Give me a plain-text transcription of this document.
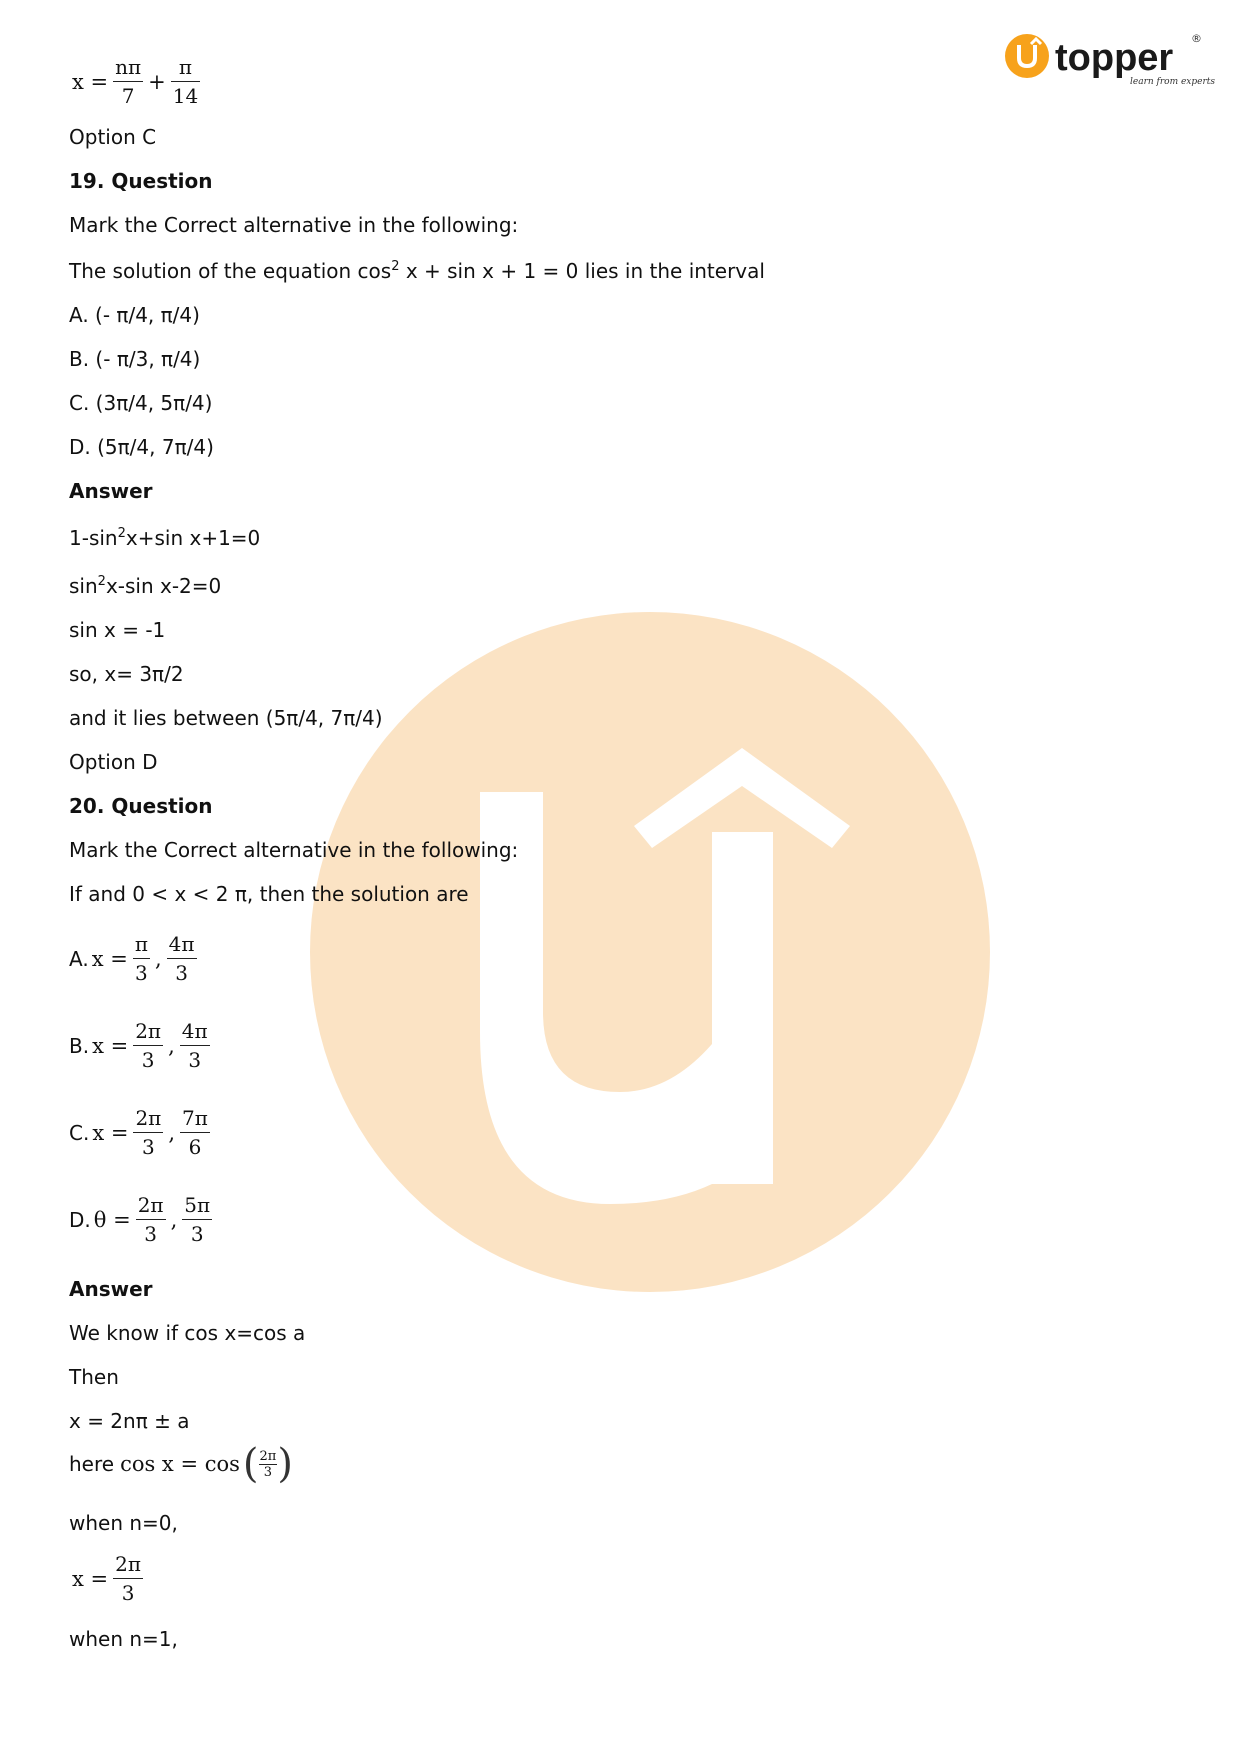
topper
learn from experts
®
$x = \frac{n\pi}{7} + \frac{\pi}{14}$
Option C
19. Question
Mark the Correct alternative in the following:
The solution of the equation $\cos^2 x + \sin x + 1 = 0$ lies in the interval
A. (- π/4, π/4)
B. (- π/3, π/4)
C. (3π/4, 5π/4)
D. (5π/4, 7π/4)
Answer
$1-\sin^2x+\sin$ x+1=0
$\sin^2x-\sin$ x-2=0
sin x = -1
so, x= 3π/2
and it lies between (5π/4, 7π/4)
Option D
20. Question
Mark the Correct alternative in the following:
If and 0 < x < 2 π, then the solution are
A. $x = \frac{\pi}{3}$ , $\frac{4\pi}{3}$
B. $x = \frac{2\pi}{3}$ , $\frac{4\pi}{3}$
C. $x = \frac{2\pi}{3}$ , $\frac{7\pi}{6}$
D. $\theta = \frac{2\pi}{3}$ , $\frac{5\pi}{3}$
Answer
We know if cos x=cos a
Then
x = 2nπ ± a
here cos x = cos ( $\frac{2\pi}{3}$ )
when n=0,
$x = \frac{2\pi}{3}$
when n=1,
